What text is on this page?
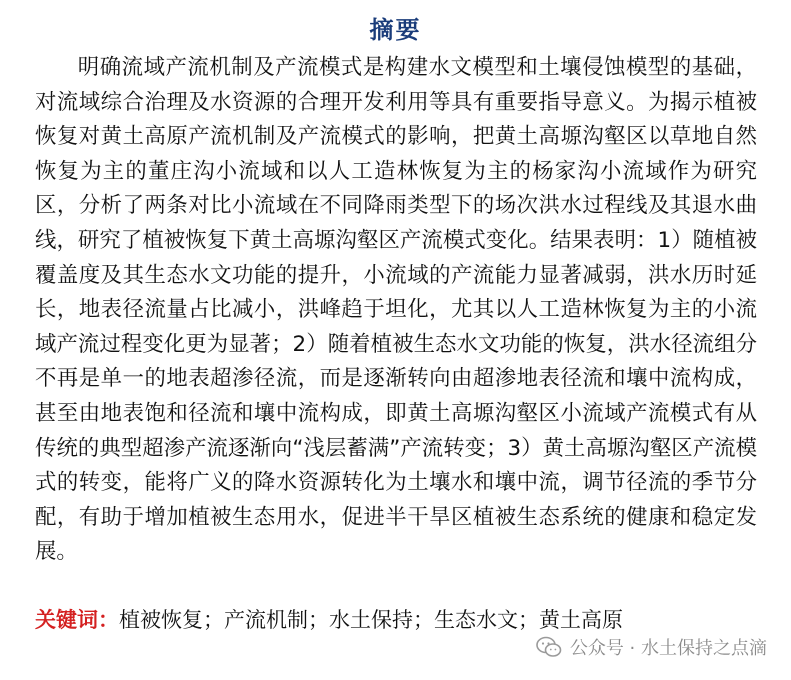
摘要

明确流域产流机制及产流模式是构建水文模型和土壤侵蚀模型的基础，对流域综合治理及水资源的合理开发利用等具有重要指导意义。为揭示植被恢复对黄土高原产流机制及产流模式的影响，把黄土高塬沟壑区以草地自然恢复为主的董庄沟小流域和以人工造林恢复为主的杨家沟小流域作为研究区，分析了两条对比小流域在不同降雨类型下的场次洪水过程线及其退水曲线，研究了植被恢复下黄土高塬沟壑区产流模式变化。结果表明：1）随植被覆盖度及其生态水文功能的提升，小流域的产流能力显著减弱，洪水历时延长，地表径流量占比减小，洪峰趋于坦化，尤其以人工造林恢复为主的小流域产流过程变化更为显著；2）随着植被生态水文功能的恢复，洪水径流组分不再是单一的地表超渗径流，而是逐渐转向由超渗地表径流和壤中流构成，甚至由地表饱和径流和壤中流构成，即黄土高塬沟壑区小流域产流模式有从传统的典型超渗产流逐渐向“浅层蓄满”产流转变；3）黄土高塬沟壑区产流模式的转变，能将广义的降水资源转化为土壤水和壤中流，调节径流的季节分配，有助于增加植被生态用水，促进半干旱区植被生态系统的健康和稳定发展。

关键词：植被恢复；产流机制；水土保持；生态水文；黄土高原
公众号 · 水土保持之点滴
